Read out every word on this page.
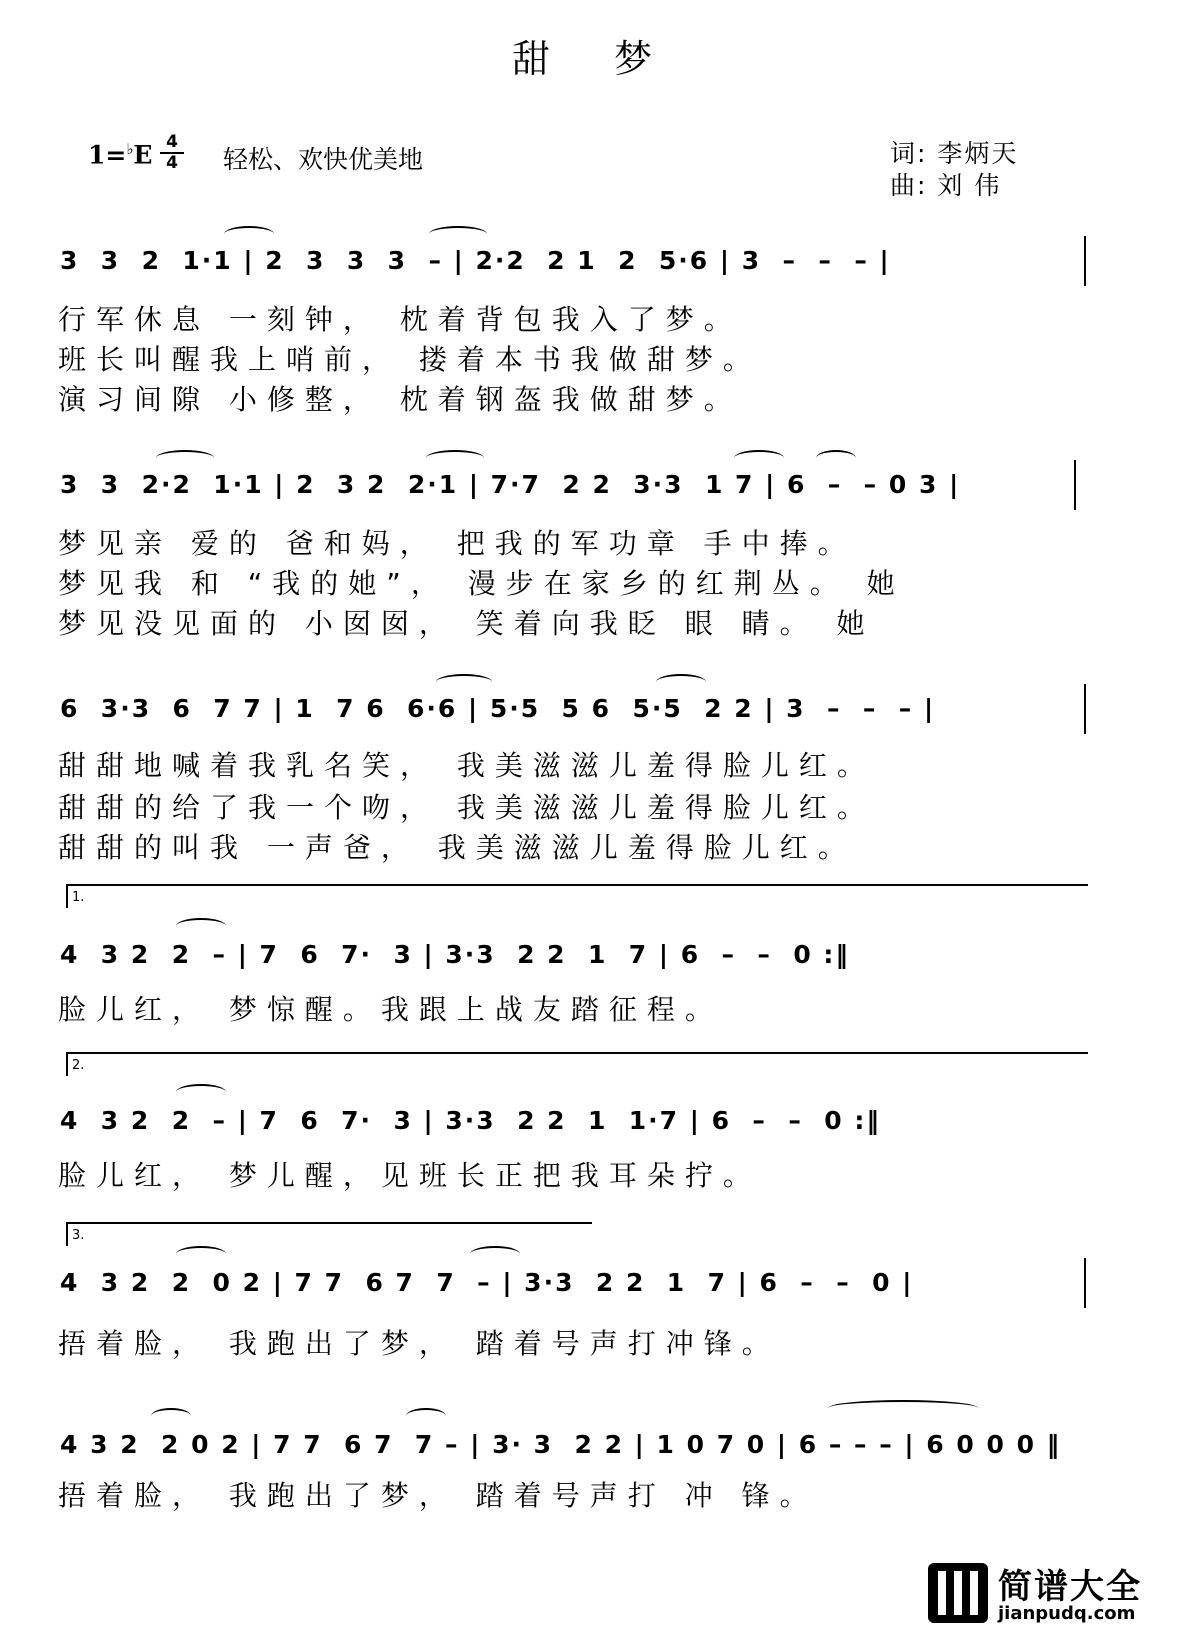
甜 梦
1=♭E 4
4 轻松、欢快优美地	词: 李炳天
曲: 刘 伟
3  3  2  1·1 | 2  3  3  3  – | 2·2  2 1  2  5·6 | 3  –  –  – |
行军休息 一刻钟， 枕着背包我入了梦。
班长叫醒我上哨前， 搂着本书我做甜梦。
演习间隙 小修整， 枕着钢盔我做甜梦。
3  3  2·2  1·1 | 2  3 2  2·1 | 7·7  2 2  3·3  1 7 | 6  –  – 0 3 |
梦见亲 爱的 爸和妈， 把我的军功章 手中捧。
梦见我 和 “我的她”， 漫步在家乡的红荆丛。 她
梦见没见面的 小囡囡， 笑着向我眨 眼 睛。 她
6  3·3  6  7 7 | 1  7 6  6·6 | 5·5  5 6  5·5  2 2 | 3  –  –  – |
甜甜地喊着我乳名笑， 我美滋滋儿羞得脸儿红。
甜甜的给了我一个吻， 我美滋滋儿羞得脸儿红。
甜甜的叫我 一声爸， 我美滋滋儿羞得脸儿红。
1.
4  3 2  2  – | 7  6  7·  3 | 3·3  2 2  1  7 | 6  –  –  0 :‖
脸儿红， 梦惊醒。我跟上战友踏征程。
2.
4  3 2  2  – | 7  6  7·  3 | 3·3  2 2  1  1·7 | 6  –  –  0 :‖
脸儿红， 梦儿醒，见班长正把我耳朵拧。
3.
4  3 2  2  0 2 | 7 7  6 7  7  – | 3·3  2 2  1  7 | 6  –  –  0 |
捂着脸， 我跑出了梦， 踏着号声打冲锋。
4 3 2  2 0 2 | 7 7  6 7  7 – | 3· 3  2 2 | 1 0 7 0 | 6 – – – | 6 0 0 0 ‖
捂着脸， 我跑出了梦， 踏着号声打 冲 锋。
简谱大全
jianpudq.com
